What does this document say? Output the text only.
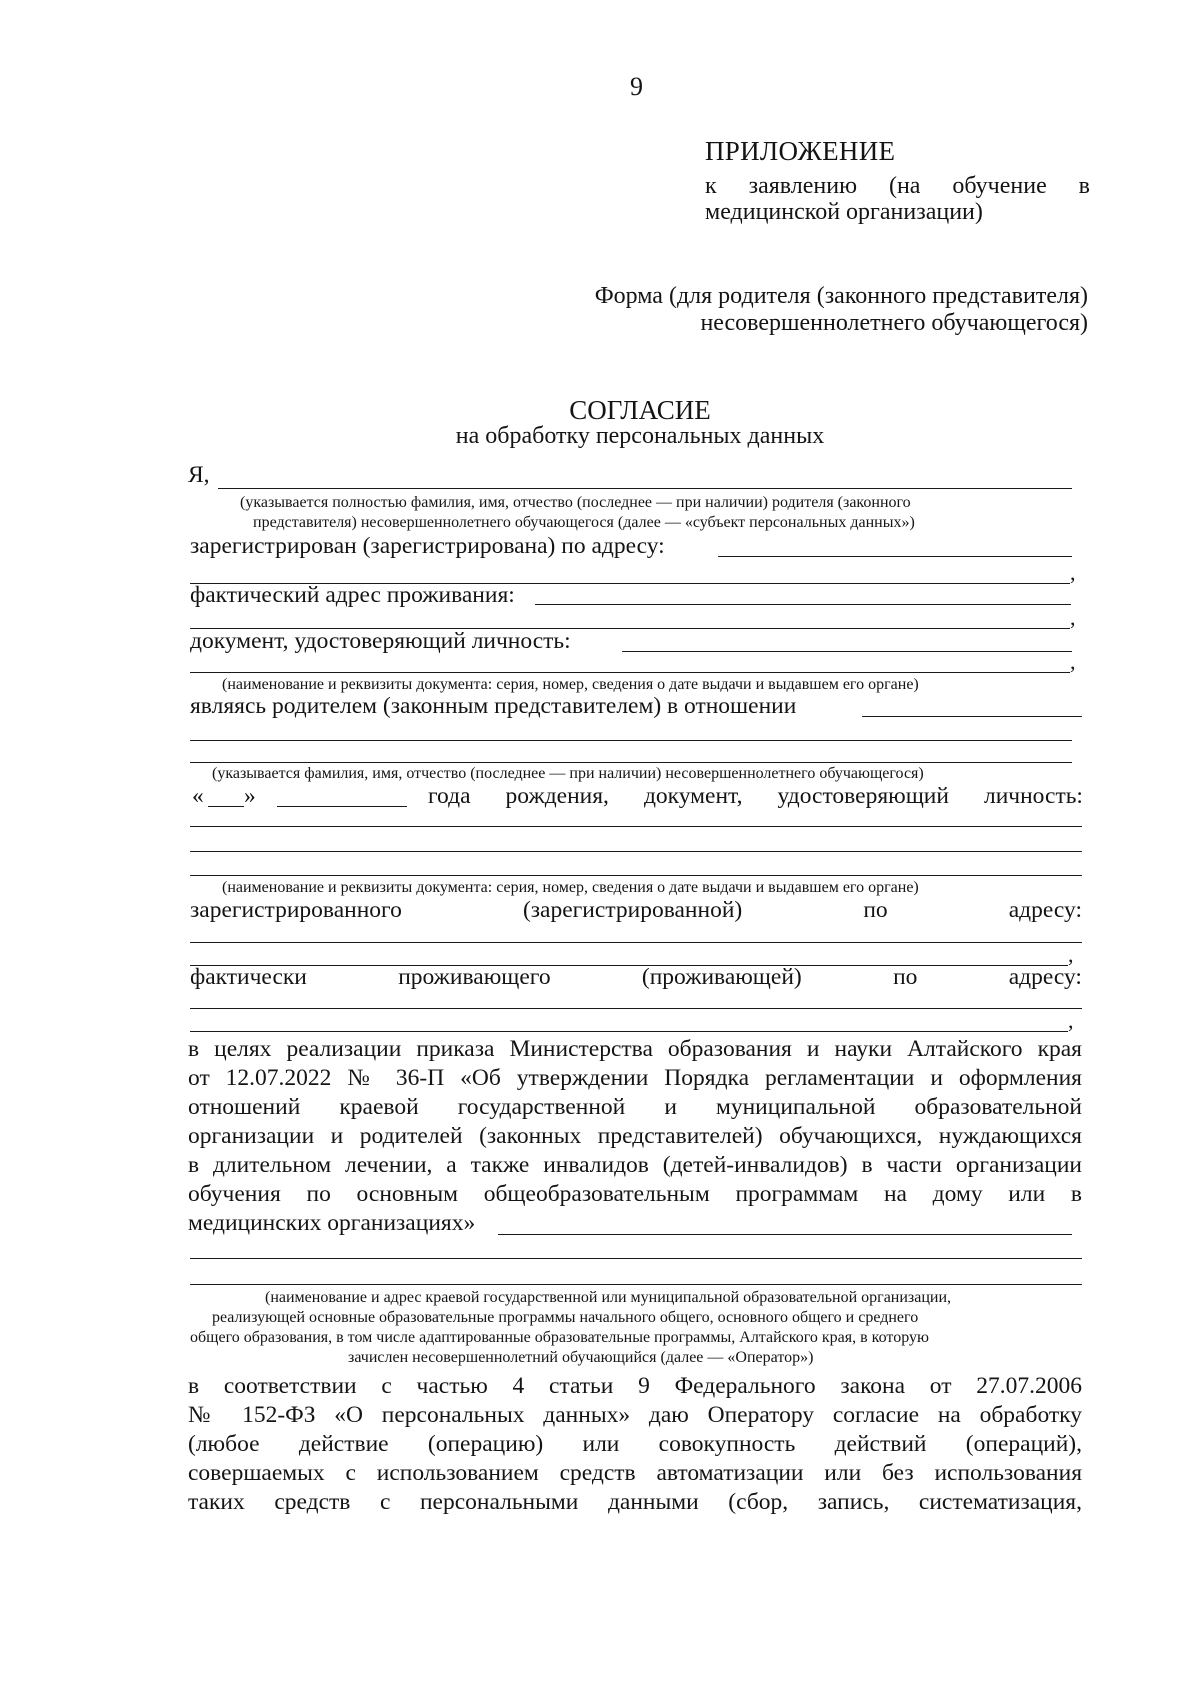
9
ПРИЛОЖЕНИЕ
к заявлению (на обучение в
медицинской организации)
Форма (для родителя (законного представителя)
несовершеннолетнего обучающегося)
СОГЛАСИЕ
на обработку персональных данных
Я,
(указывается полностью фамилия, имя, отчество (последнее — при наличии) родителя (законного
представителя) несовершеннолетнего обучающегося (далее — «субъект персональных данных»)
зарегистрирован (зарегистрирована) по адресу:
,
фактический адрес проживания:
,
документ, удостоверяющий личность:
,
(наименование и реквизиты документа: серия, номер, сведения о дате выдачи и выдавшем его органе)
являясь родителем (законным представителем) в отношении
(указывается фамилия, имя, отчество (последнее — при наличии) несовершеннолетнего обучающегося)
« »	года рождения, документ, удостоверяющий личность:
(наименование и реквизиты документа: серия, номер, сведения о дате выдачи и выдавшем его органе)
зарегистрированного	(зарегистрированной)	по	адресу:
,
фактически	проживающего	(проживающей)	по	адресу:
,
в целях реализации приказа Министерства образования и науки Алтайского края
от 12.07.2022 № 36-П «Об утверждении Порядка регламентации и оформления
отношений краевой государственной и муниципальной образовательной
организации и родителей (законных представителей) обучающихся, нуждающихся
в длительном лечении, а также инвалидов (детей-инвалидов) в части организации
обучения по основным общеобразовательным программам на дому или в
медицинских организациях»
(наименование и адрес краевой государственной или муниципальной образовательной организации,
реализующей основные образовательные программы начального общего, основного общего и среднего
общего образования, в том числе адаптированные образовательные программы, Алтайского края, в которую
зачислен несовершеннолетний обучающийся (далее — «Оператор»)
в соответствии с частью 4 статьи 9 Федерального закона от 27.07.2006
№ 152-ФЗ «О персональных данных» даю Оператору согласие на обработку
(любое действие (операцию) или совокупность действий (операций),
совершаемых с использованием средств автоматизации или без использования
таких средств с персональными данными (сбор, запись, систематизация,
